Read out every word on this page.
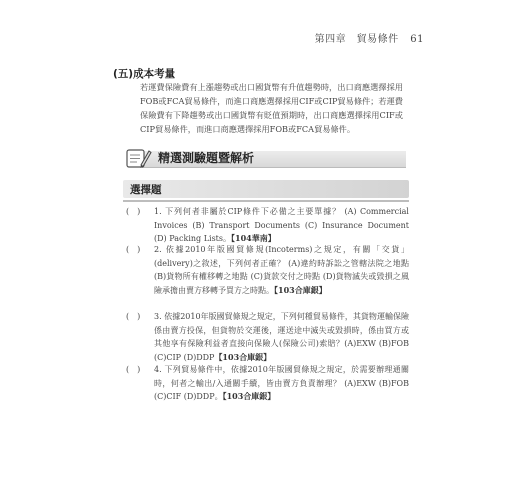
第四章　貿易條件 61
(五)成本考量

若運費保險費有上漲趨勢或出口國貨幣有升值趨勢時，出口商應選擇採用FOB或FCA貿易條件，而進口商應選擇採用CIF或CIP貿易條件；若運費保險費有下降趨勢或出口國貨幣有貶值預期時，出口商應選擇採用CIF或CIP貿易條件，而進口商應選擇採用FOB或FCA貿易條件。

精選測驗題暨解析
選擇題
(　)	1. 下列何者非屬於CIP條件下必備之主要單據？ (A) Commercial Invoices (B) Transport Documents (C) Insurance Document (D) Packing Lists。【104華南】
(　)	2. 依據2010年版國貿條規(Incoterms)之規定，有關「交貨」(delivery)之敘述，下列何者正確？ (A)違約時訴訟之管轄法院之地點 (B)貨物所有權移轉之地點 (C)貨款交付之時點 (D)貨物滅失或毀損之風險承擔由賣方移轉予買方之時點。【103合庫銀】
(　)	3. 依據2010年版國貿條規之規定，下列何種貿易條件，其貨物運輸保險係由賣方投保，但貨物於交運後，運送途中滅失或毀損時，係由買方或其他享有保險利益者直接向保險人(保險公司)索賠？(A)EXW (B)FOB (C)CIP (D)DDP【103合庫銀】
(　)	4. 下列貿易條件中，依據2010年版國貿條規之規定，於需要辦理通關時，何者之輸出/入通關手續，皆由賣方負責辦理？ (A)EXW (B)FOB (C)CIF (D)DDP。【103合庫銀】
